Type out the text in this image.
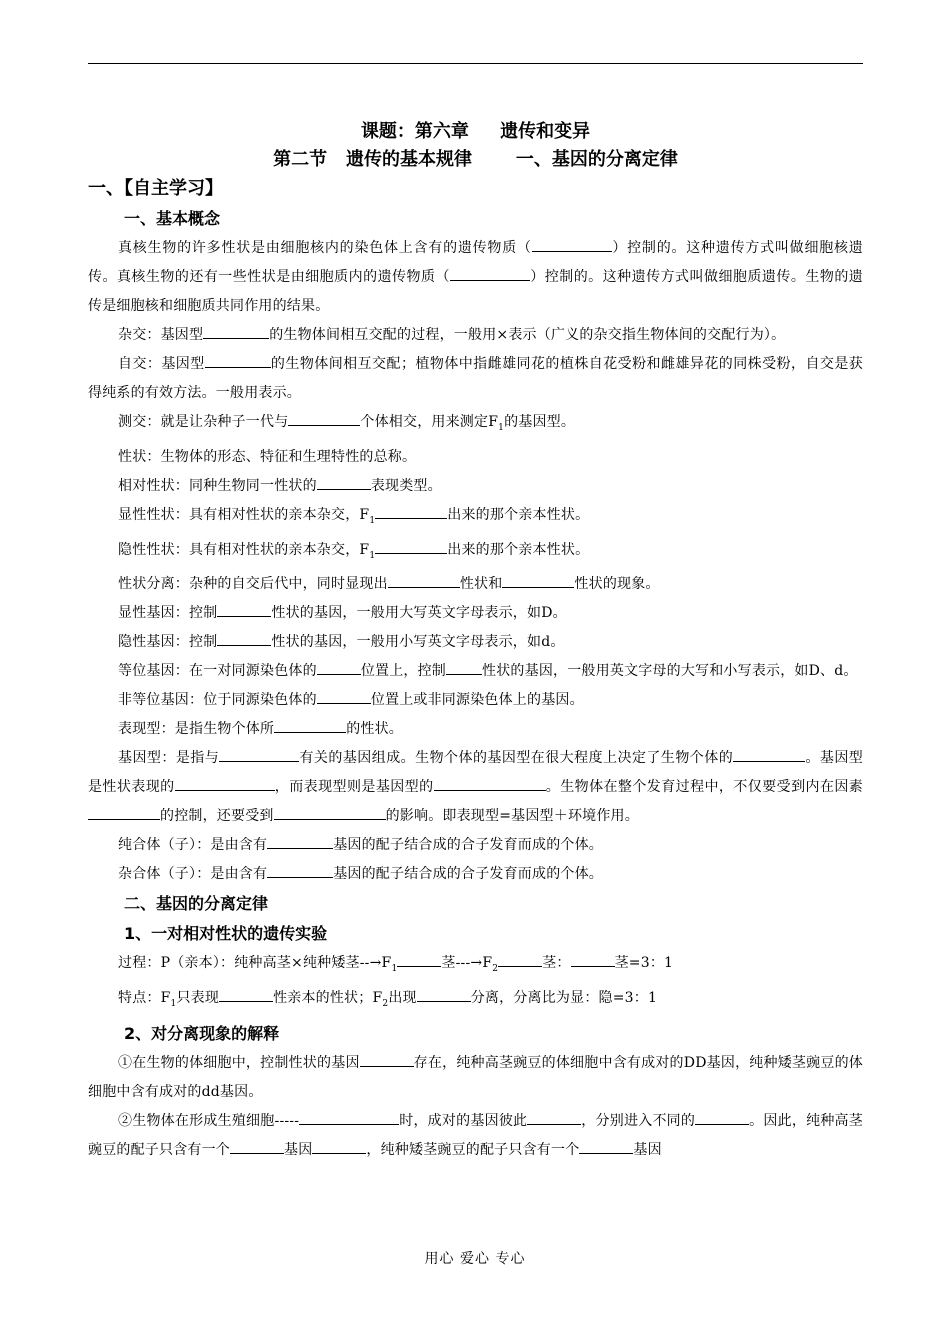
课题：第六章     遗传和变异
第二节   遗传的基本规律       一、基因的分离定律
一、【自主学习】
一、基本概念

真核生物的许多性状是由细胞核内的染色体上含有的遗传物质（	）控制的。这种遗传方式叫做细胞核遗传。真核生物的还有一些性状是由细胞质内的遗传物质（	）控制的。这种遗传方式叫做细胞质遗传。生物的遗传是细胞核和细胞质共同作用的结果。

杂交：基因型	的生物体间相互交配的过程，一般用×表示（广义的杂交指生物体间的交配行为）。

自交：基因型	的生物体间相互交配；植物体中指雌雄同花的植株自花受粉和雌雄异花的同株受粉，自交是获得纯系的有效方法。一般用表示。

测交：就是让杂种子一代与	个体相交，用来测定$F_1$的基因型。

性状：生物体的形态、特征和生理特性的总称。

相对性状：同种生物同一性状的	表现类型。

显性性状：具有相对性状的亲本杂交，$F_1$	出来的那个亲本性状。

隐性性状：具有相对性状的亲本杂交，$F_1$	出来的那个亲本性状。

性状分离：杂种的自交后代中，同时显现出	性状和	性状的现象。

显性基因：控制	性状的基因，一般用大写英文字母表示，如D。

隐性基因：控制	性状的基因，一般用小写英文字母表示，如d。

等位基因：在一对同源染色体的	位置上，控制	性状的基因，一般用英文字母的大写和小写表示，如D、d。

非等位基因：位于同源染色体的	位置上或非同源染色体上的基因。

表现型：是指生物个体所	的性状。

基因型：是指与	有关的基因组成。生物个体的基因型在很大程度上决定了生物个体的	。基因型是性状表现的	，而表现型则是基因型的	。生物体在整个发育过程中，不仅要受到内在因素的控制，还要受到	的影响。即表现型=基因型＋环境作用。

纯合体（子）：是由含有	基因的配子结合成的合子发育而成的个体。

杂合体（子）：是由含有	基因的配子结合成的合子发育而成的个体。

二、基因的分离定律
1、一对相对性状的遗传实验

过程：P（亲本）：纯种高茎×纯种矮茎$--\to F_1$	茎$---\to F_2$	茎：	茎=3：1

特点：$F_1$只表现	性亲本的性状；$F_2$出现	分离，分离比为显：隐=3：1

2、对分离现象的解释

①在生物的体细胞中，控制性状的基因	存在，纯种高茎豌豆的体细胞中含有成对的DD基因，纯种矮茎豌豆的体细胞中含有成对的dd基因。

②生物体在形成生殖细胞-----	时，成对的基因彼此	，分别进入不同的	。因此，纯种高茎豌豆的配子只含有一个	基因	，纯种矮茎豌豆的配子只含有一个	基因

用心 爱心 专心
